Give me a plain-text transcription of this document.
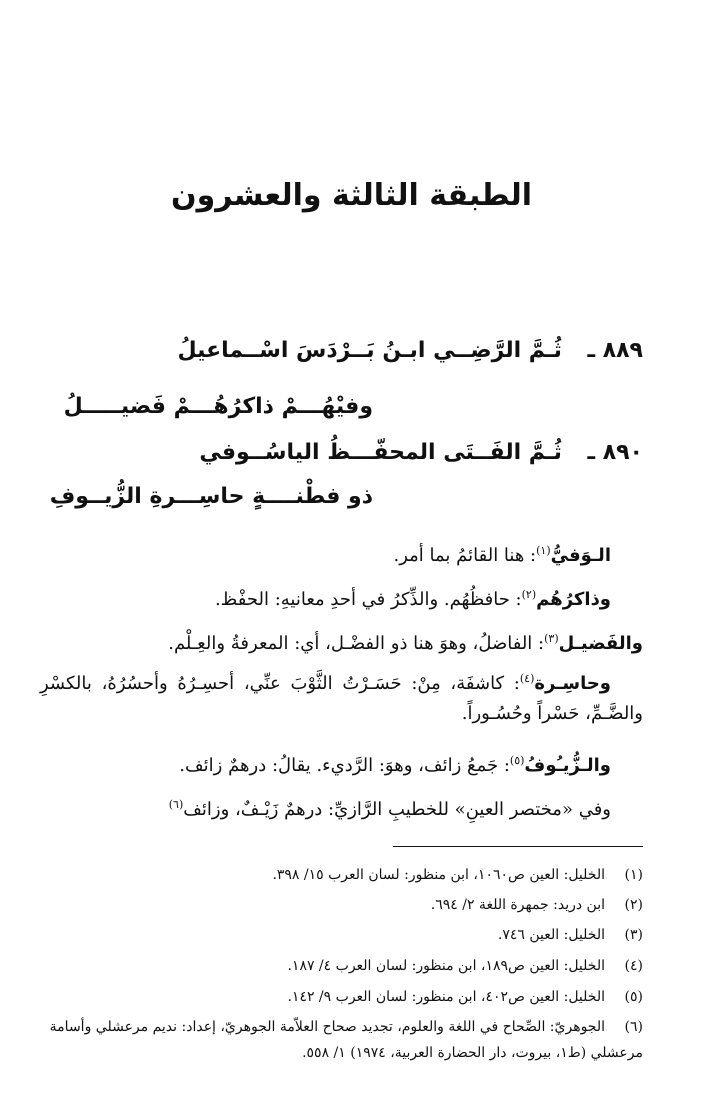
الطبقة الثالثة والعشرون
٨٨٩ ـ ثُـمَّ الرَّضِــي ابـنُ بَــرْدَسَ اسْــماعيلُ
وفيْهُـــمْ ذاكرُهُـــمْ فَضيـــــلُ
٨٩٠ ـ ثُـمَّ الفَــتَى المحفّـــظُ الياسُــوفي
ذو فطْنــــةٍ حاسِـــرةِ الزُّيــوفِ
الـوَفيُّ$^{(١)}$: هنا القائمُ بما أمر.
وذاكرُهُم$^{(٢)}$: حافظُهُم. والذِّكرُ في أحدِ معانيهِ: الحفْظ.
والفَضيـل$^{(٣)}$: الفاضلُ، وهوَ هنا ذو الفضْـل، أي: المعرفةُ والعِـلْم.
وحاسِـرة$^{(٤)}$: كاشفَة، مِنْ: حَسَـرْتُ الثَّوْبَ عنِّي، أحسِـرُهُ وأحسُرُهُ، بالكسْرِ والضَّـمِّ، حَسْراً وحُسُـوراً.
والـزُّيـُوفُ$^{(٥)}$: جَمعُ زائف، وهوَ: الرَّديء. يقالُ: درهمٌ زائف.
وفي «مختصر العينِ» للخطيبِ الرَّازيِّ: درهمٌ زَيْـفٌ، وزائف$^{(٦)}$
(١)الخليل: العين ص١٠٦٠، ابن منظور: لسان العرب ١٥/ ٣٩٨.
(٢)ابن دريد: جمهرة اللغة ٢/ ٦٩٤.
(٣)الخليل: العين ٧٤٦.
(٤)الخليل: العين ص١٨٩، ابن منظور: لسان العرب ٤/ ١٨٧.
(٥)الخليل: العين ص٤٠٢، ابن منظور: لسان العرب ٩/ ١٤٢.
(٦)الجوهريّ: الصِّحاح في اللغة والعلوم، تجديد صحاح العلاّمة الجوهريّ، إعداد: نديم مرعشلي وأسامة مرعشلي (ط١، بيروت، دار الحضارة العربية، ١٩٧٤) ١/ ٥٥٨.
